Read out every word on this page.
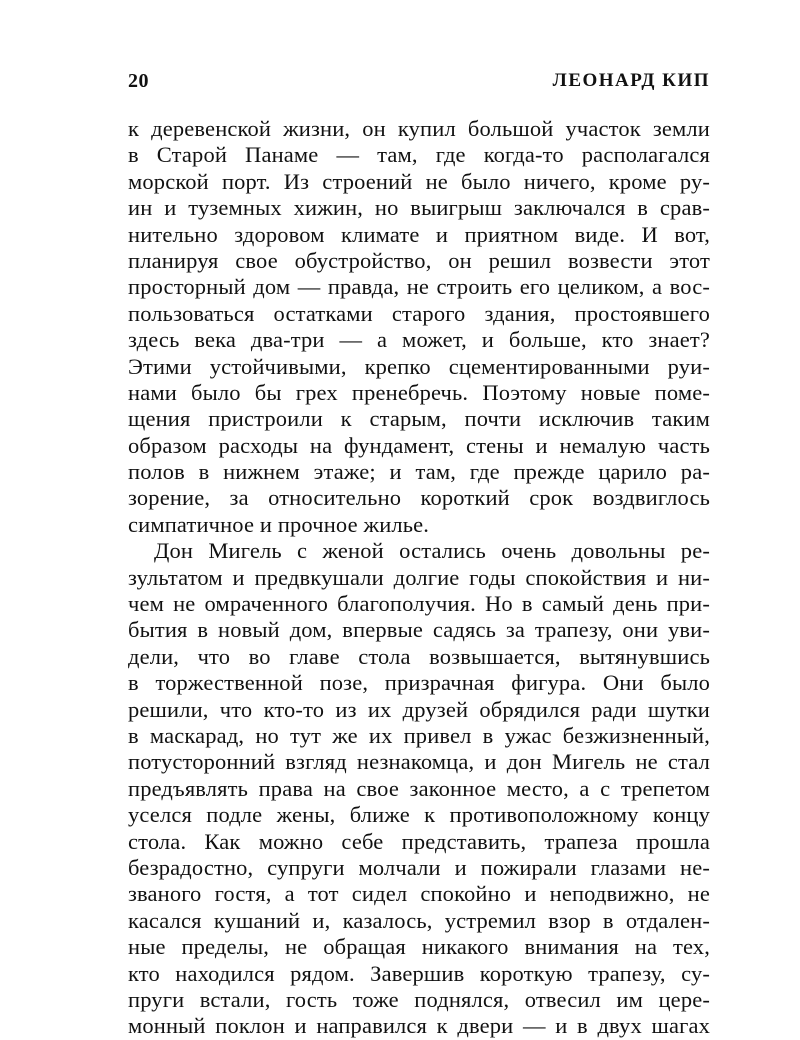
20	ЛЕОНАРД КИП
к деревенской жизни, он купил большой участок земли
в Старой Панаме — там, где когда-то располагался
морской порт. Из строений не было ничего, кроме ру-
ин и туземных хижин, но выигрыш заключался в срав-
нительно здоровом климате и приятном виде. И вот,
планируя свое обустройство, он решил возвести этот
просторный дом — правда, не строить его целиком, а вос-
пользоваться остатками старого здания, простоявшего
здесь века два-три — а может, и больше, кто знает?
Этими устойчивыми, крепко сцементированными руи-
нами было бы грех пренебречь. Поэтому новые поме-
щения пристроили к старым, почти исключив таким
образом расходы на фундамент, стены и немалую часть
полов в нижнем этаже; и там, где прежде царило ра-
зорение, за относительно короткий срок воздвиглось
симпатичное и прочное жилье.
Дон Мигель с женой остались очень довольны ре-
зультатом и предвкушали долгие годы спокойствия и ни-
чем не омраченного благополучия. Но в самый день при-
бытия в новый дом, впервые садясь за трапезу, они уви-
дели, что во главе стола возвышается, вытянувшись
в торжественной позе, призрачная фигура. Они было
решили, что кто-то из их друзей обрядился ради шутки
в маскарад, но тут же их привел в ужас безжизненный,
потусторонний взгляд незнакомца, и дон Мигель не стал
предъявлять права на свое законное место, а с трепетом
уселся подле жены, ближе к противоположному концу
стола. Как можно себе представить, трапеза прошла
безрадостно, супруги молчали и пожирали глазами не-
званого гостя, а тот сидел спокойно и неподвижно, не
касался кушаний и, казалось, устремил взор в отдален-
ные пределы, не обращая никакого внимания на тех,
кто находился рядом. Завершив короткую трапезу, су-
пруги встали, гость тоже поднялся, отвесил им цере-
монный поклон и направился к двери — и в двух шагах
